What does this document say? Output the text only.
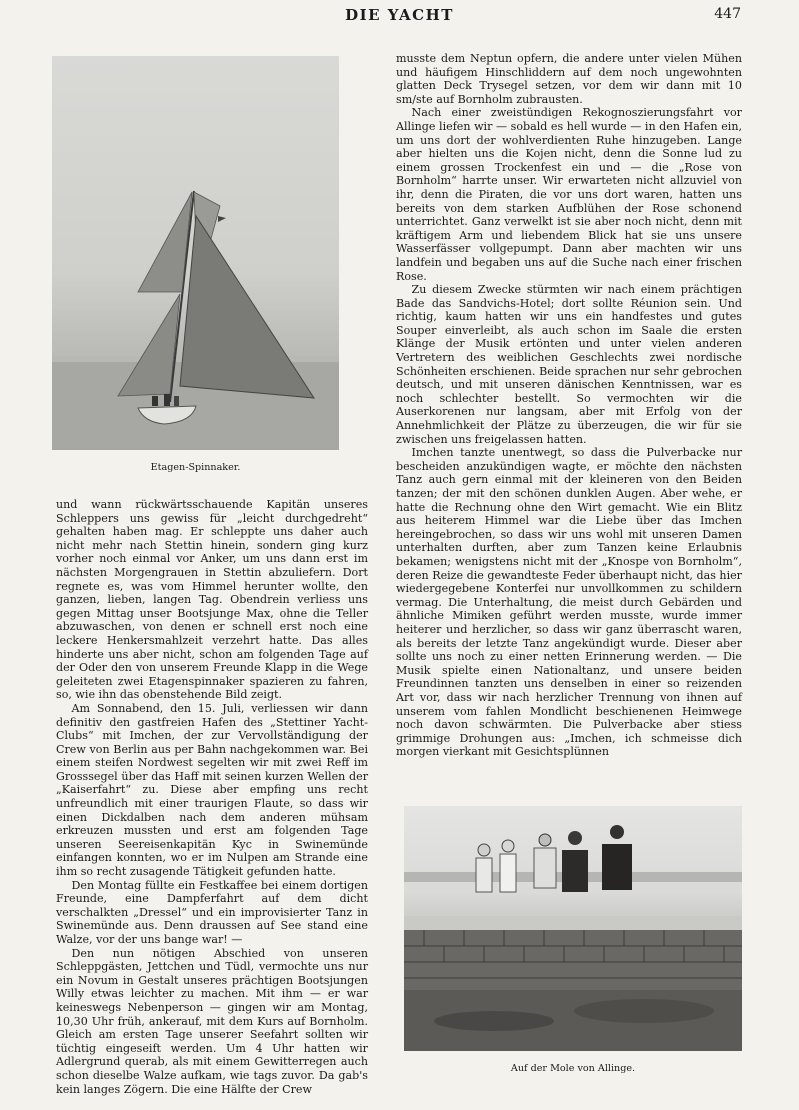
DIE YACHT	447
Etagen-Spinnaker.

und wann rückwärtsschauende Kapitän unseres Schleppers uns gewiss für „leicht durchgedreht“ gehalten haben mag. Er schleppte uns daher auch nicht mehr nach Stettin hinein, sondern ging kurz vorher noch einmal vor Anker, um uns dann erst im nächsten Morgengrauen in Stettin abzuliefern. Dort regnete es, was vom Himmel herunter wollte, den ganzen, lieben, langen Tag. Obendrein verliess uns gegen Mittag unser Bootsjunge Max, ohne die Teller abzuwaschen, von denen er schnell erst noch eine leckere Henkersmahlzeit verzehrt hatte. Das alles hinderte uns aber nicht, schon am folgenden Tage auf der Oder den von unserem Freunde Klapp in die Wege geleiteten zwei Etagenspinnaker spazieren zu fahren, so, wie ihn das obenstehende Bild zeigt.

Am Sonnabend, den 15. Juli, verliessen wir dann definitiv den gastfreien Hafen des „Stettiner Yacht-Clubs“ mit Imchen, der zur Vervollständigung der Crew von Berlin aus per Bahn nachgekommen war. Bei einem steifen Nordwest segelten wir mit zwei Reff im Grosssegel über das Haff mit seinen kurzen Wellen der „Kaiserfahrt“ zu. Diese aber empfing uns recht unfreundlich mit einer traurigen Flaute, so dass wir einen Dickdalben nach dem anderen mühsam erkreuzen mussten und erst am folgenden Tage unseren Seereisenkapitän Kyc in Swinemünde einfangen konnten, wo er im Nulpen am Strande eine ihm so recht zusagende Tätigkeit gefunden hatte.

Den Montag füllte ein Festkaffee bei einem dortigen Freunde, eine Dampferfahrt auf dem dicht verschalkten „Dressel“ und ein improvisierter Tanz in Swinemünde aus. Denn draussen auf See stand eine Walze, vor der uns bange war! —

Den nun nötigen Abschied von unseren Schleppgästen, Jettchen und Tüdl, vermochte uns nur ein Novum in Gestalt unseres prächtigen Bootsjungen Willy etwas leichter zu machen. Mit ihm — er war keineswegs Nebenperson — gingen wir am Montag, 10,30 Uhr früh, ankerauf, mit dem Kurs auf Bornholm. Gleich am ersten Tage unserer Seefahrt sollten wir tüchtig eingeseift werden. Um 4 Uhr hatten wir Adlergrund querab, als mit einem Gewitterregen auch schon dieselbe Walze aufkam, wie tags zuvor. Da gab's kein langes Zögern. Die eine Hälfte der Crew

musste dem Neptun opfern, die andere unter vielen Mühen und häufigem Hinschliddern auf dem noch ungewohnten glatten Deck Trysegel setzen, vor dem wir dann mit 10 sm/ste auf Bornholm zubrausten.

Nach einer zweistündigen Rekognoszierungsfahrt vor Allinge liefen wir — sobald es hell wurde — in den Hafen ein, um uns dort der wohlverdienten Ruhe hinzugeben. Lange aber hielten uns die Kojen nicht, denn die Sonne lud zu einem grossen Trockenfest ein und — die „Rose von Bornholm“ harrte unser. Wir erwarteten nicht allzuviel von ihr, denn die Piraten, die vor uns dort waren, hatten uns bereits von dem starken Aufblühen der Rose schonend unterrichtet. Ganz verwelkt ist sie aber noch nicht, denn mit kräftigem Arm und liebendem Blick hat sie uns unsere Wasserfässer vollgepumpt. Dann aber machten wir uns landfein und begaben uns auf die Suche nach einer frischen Rose.

Zu diesem Zwecke stürmten wir nach einem prächtigen Bade das Sandvichs-Hotel; dort sollte Réunion sein. Und richtig, kaum hatten wir uns ein handfestes und gutes Souper einverleibt, als auch schon im Saale die ersten Klänge der Musik ertönten und unter vielen anderen Vertretern des weiblichen Geschlechts zwei nordische Schönheiten erschienen. Beide sprachen nur sehr gebrochen deutsch, und mit unseren dänischen Kenntnissen, war es noch schlechter bestellt. So vermochten wir die Auserkorenen nur langsam, aber mit Erfolg von der Annehmlichkeit der Plätze zu überzeugen, die wir für sie zwischen uns freigelassen hatten.

Imchen tanzte unentwegt, so dass die Pulverbacke nur bescheiden anzukündigen wagte, er möchte den nächsten Tanz auch gern einmal mit der kleineren von den Beiden tanzen; der mit den schönen dunklen Augen. Aber wehe, er hatte die Rechnung ohne den Wirt gemacht. Wie ein Blitz aus heiterem Himmel war die Liebe über das Imchen hereingebrochen, so dass wir uns wohl mit unseren Damen unterhalten durften, aber zum Tanzen keine Erlaubnis bekamen; wenigstens nicht mit der „Knospe von Bornholm“, deren Reize die gewandteste Feder überhaupt nicht, das hier wiedergegebene Konterfei nur unvollkommen zu schildern vermag. Die Unterhaltung, die meist durch Gebärden und ähnliche Mimiken geführt werden musste, wurde immer heiterer und herzlicher, so dass wir ganz überrascht waren, als bereits der letzte Tanz angekündigt wurde. Dieser aber sollte uns noch zu einer netten Erinnerung werden. — Die Musik spielte einen Nationaltanz, und unsere beiden Freundinnen tanzten uns denselben in einer so reizenden Art vor, dass wir nach herzlicher Trennung von ihnen auf unserem vom fahlen Mondlicht beschienenen Heimwege noch davon schwärmten. Die Pulverbacke aber stiess grimmige Drohungen aus: „Imchen, ich schmeisse dich morgen vierkant mit Gesichtsplünnen

Auf der Mole von Allinge.
